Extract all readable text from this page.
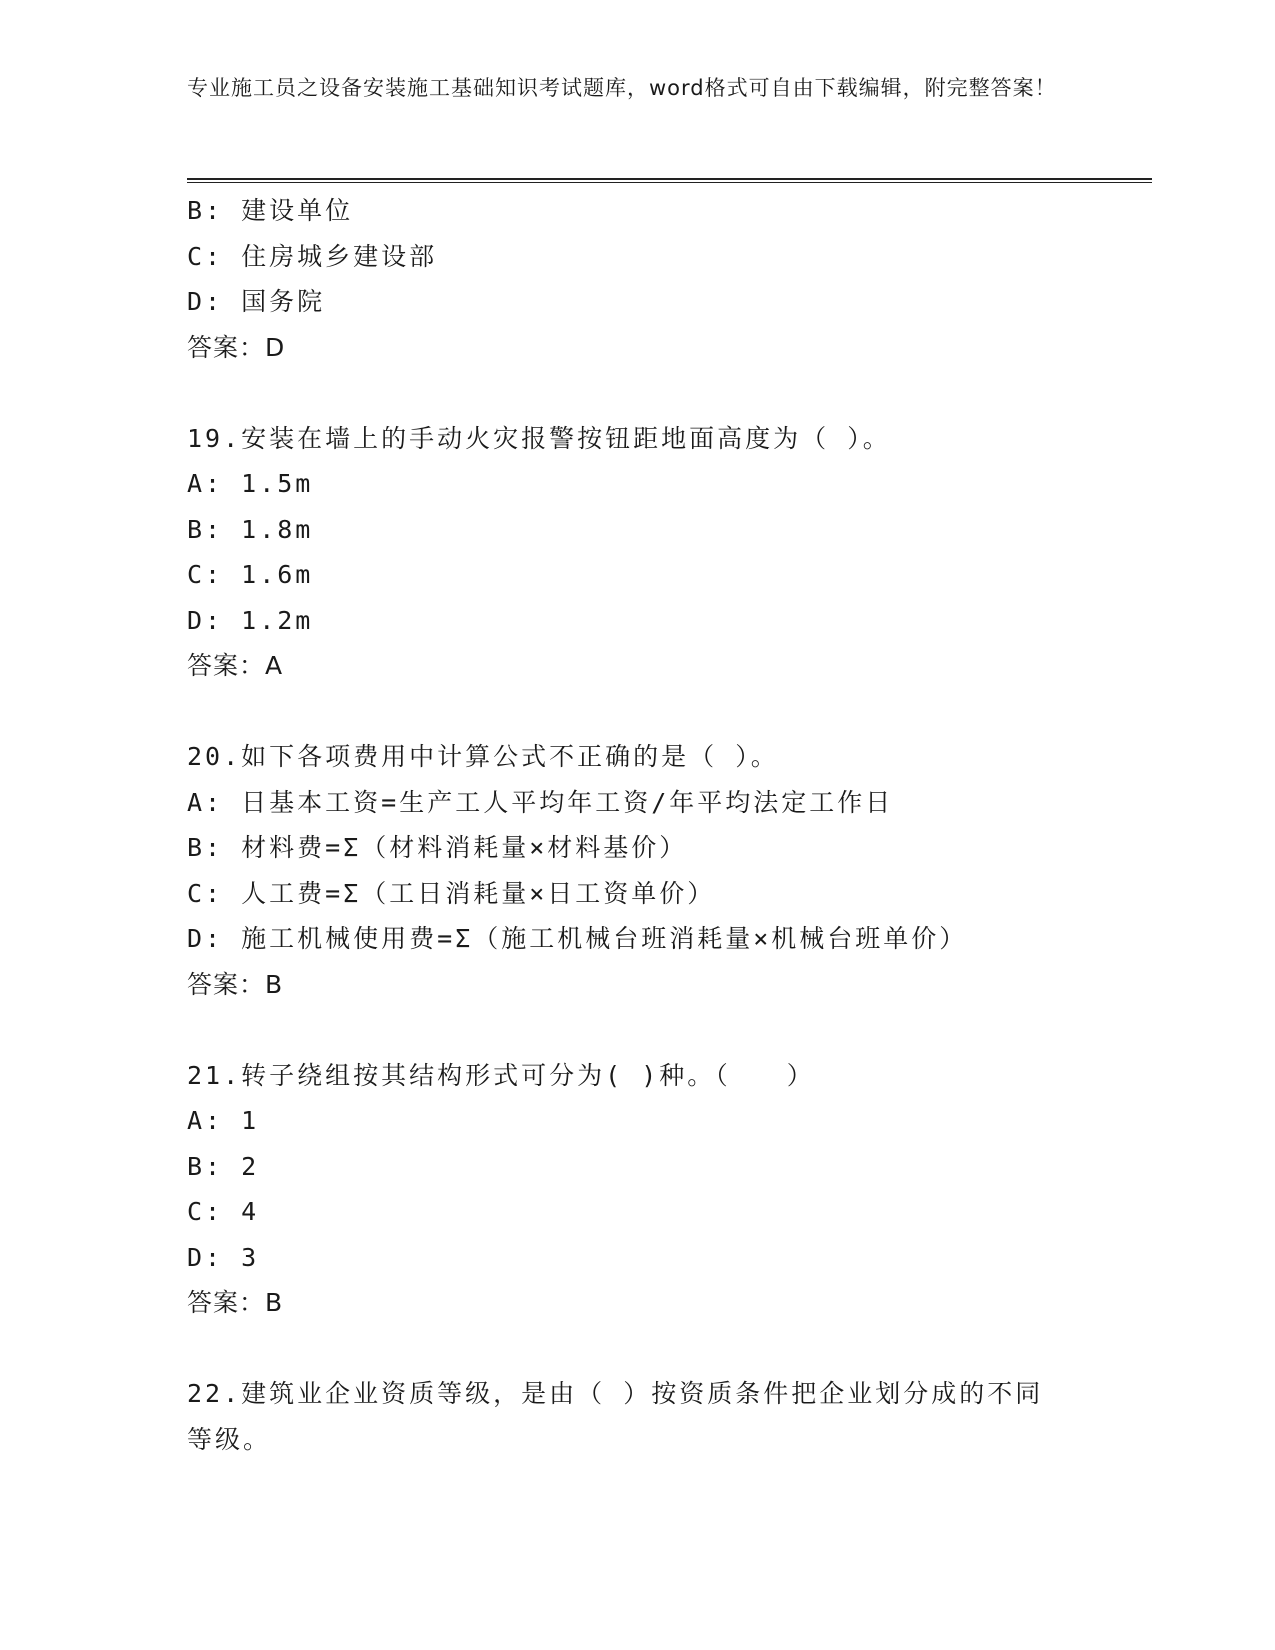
专业施工员之设备安装施工基础知识考试题库，word格式可自由下载编辑，附完整答案！
B: 建设单位
C: 住房城乡建设部
D: 国务院
答案：D
19.安装在墙上的手动火灾报警按钮距地面高度为（ ）。
A: 1.5m
B: 1.8m
C: 1.6m
D: 1.2m
答案：A
20.如下各项费用中计算公式不正确的是（ ）。
A: 日基本工资=生产工人平均年工资/年平均法定工作日
B: 材料费=Σ（材料消耗量×材料基价）
C: 人工费=Σ（工日消耗量×日工资单价）
D: 施工机械使用费=Σ（施工机械台班消耗量×机械台班单价）
答案：B
21.转子绕组按其结构形式可分为( )种。（　　）
A: 1
B: 2
C: 4
D: 3
答案：B
22.建筑业企业资质等级，是由（ ）按资质条件把企业划分成的不同等级。
